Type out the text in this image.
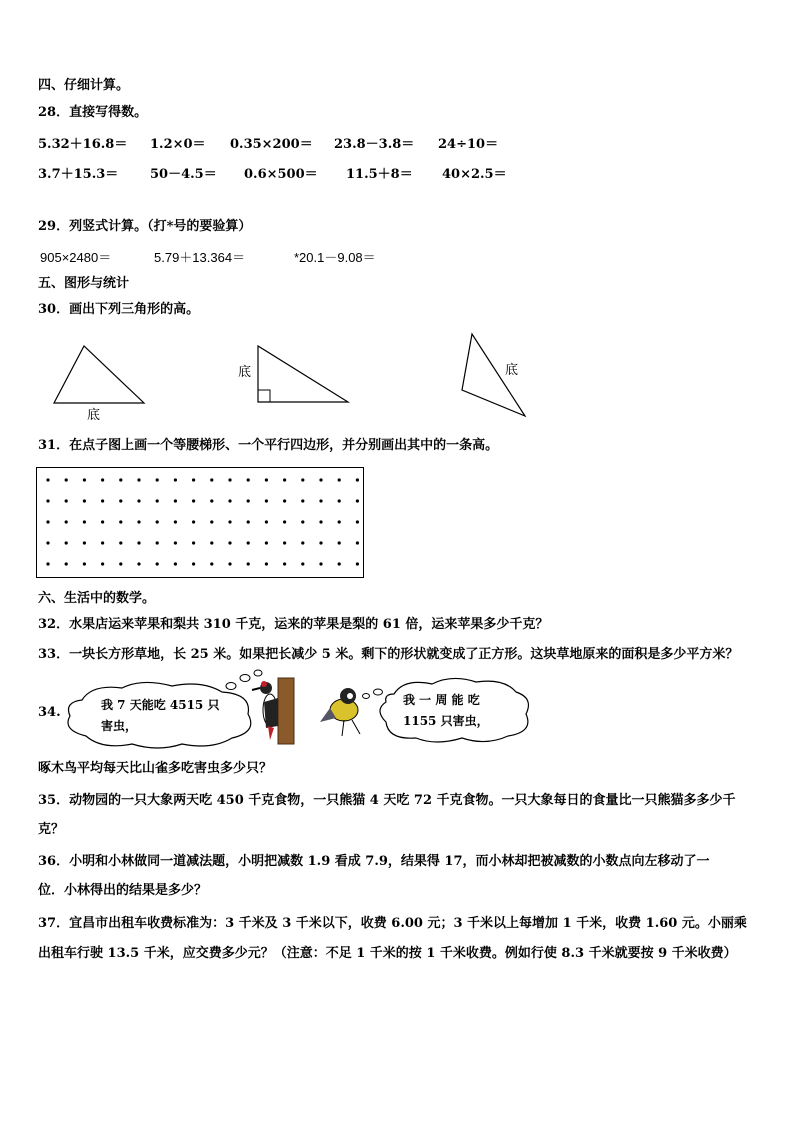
四、仔细计算。
28．直接写得数。
5.32＋16.8＝ 1.2×0＝ 0.35×200＝ 23.8－3.8＝ 24÷10＝
3.7＋15.3＝ 50－4.5＝ 0.6×500＝ 11.5＋8＝ 40×2.5＝
29．列竖式计算。（打*号的要验算）
905×2480＝	5.79＋13.364＝	*20.1－9.08＝
五、图形与统计
30．画出下列三角形的高。
底
底	底
31．在点子图上画一个等腰梯形、一个平行四边形，并分别画出其中的一条高。
六、生活中的数学。
32．水果店运来苹果和梨共 310 千克，运来的苹果是梨的 61 倍，运来苹果多少千克？
33．一块长方形草地，长 25 米。如果把长减少 5 米。剩下的形状就变成了正方形。这块草地原来的面积是多少平方米？
34.	我 7 天能吃 4515 只
害虫，
我 一 周 能 吃
1155 只害虫，
啄木鸟平均每天比山雀多吃害虫多少只？
35．动物园的一只大象两天吃 450 千克食物，一只熊猫 4 天吃 72 千克食物。一只大象每日的食量比一只熊猫多多少千
克？
36．小明和小林做同一道减法题，小明把减数 1.9 看成 7.9，结果得 17，而小林却把被减数的小数点向左移动了一
位．小林得出的结果是多少？
37．宜昌市出租车收费标准为：3 千米及 3 千米以下，收费 6.00 元；3 千米以上每增加 1 千米，收费 1.60 元。小丽乘
出租车行驶 13.5 千米，应交费多少元？（注意：不足 1 千米的按 1 千米收费。例如行使 8.3 千米就要按 9 千米收费）
